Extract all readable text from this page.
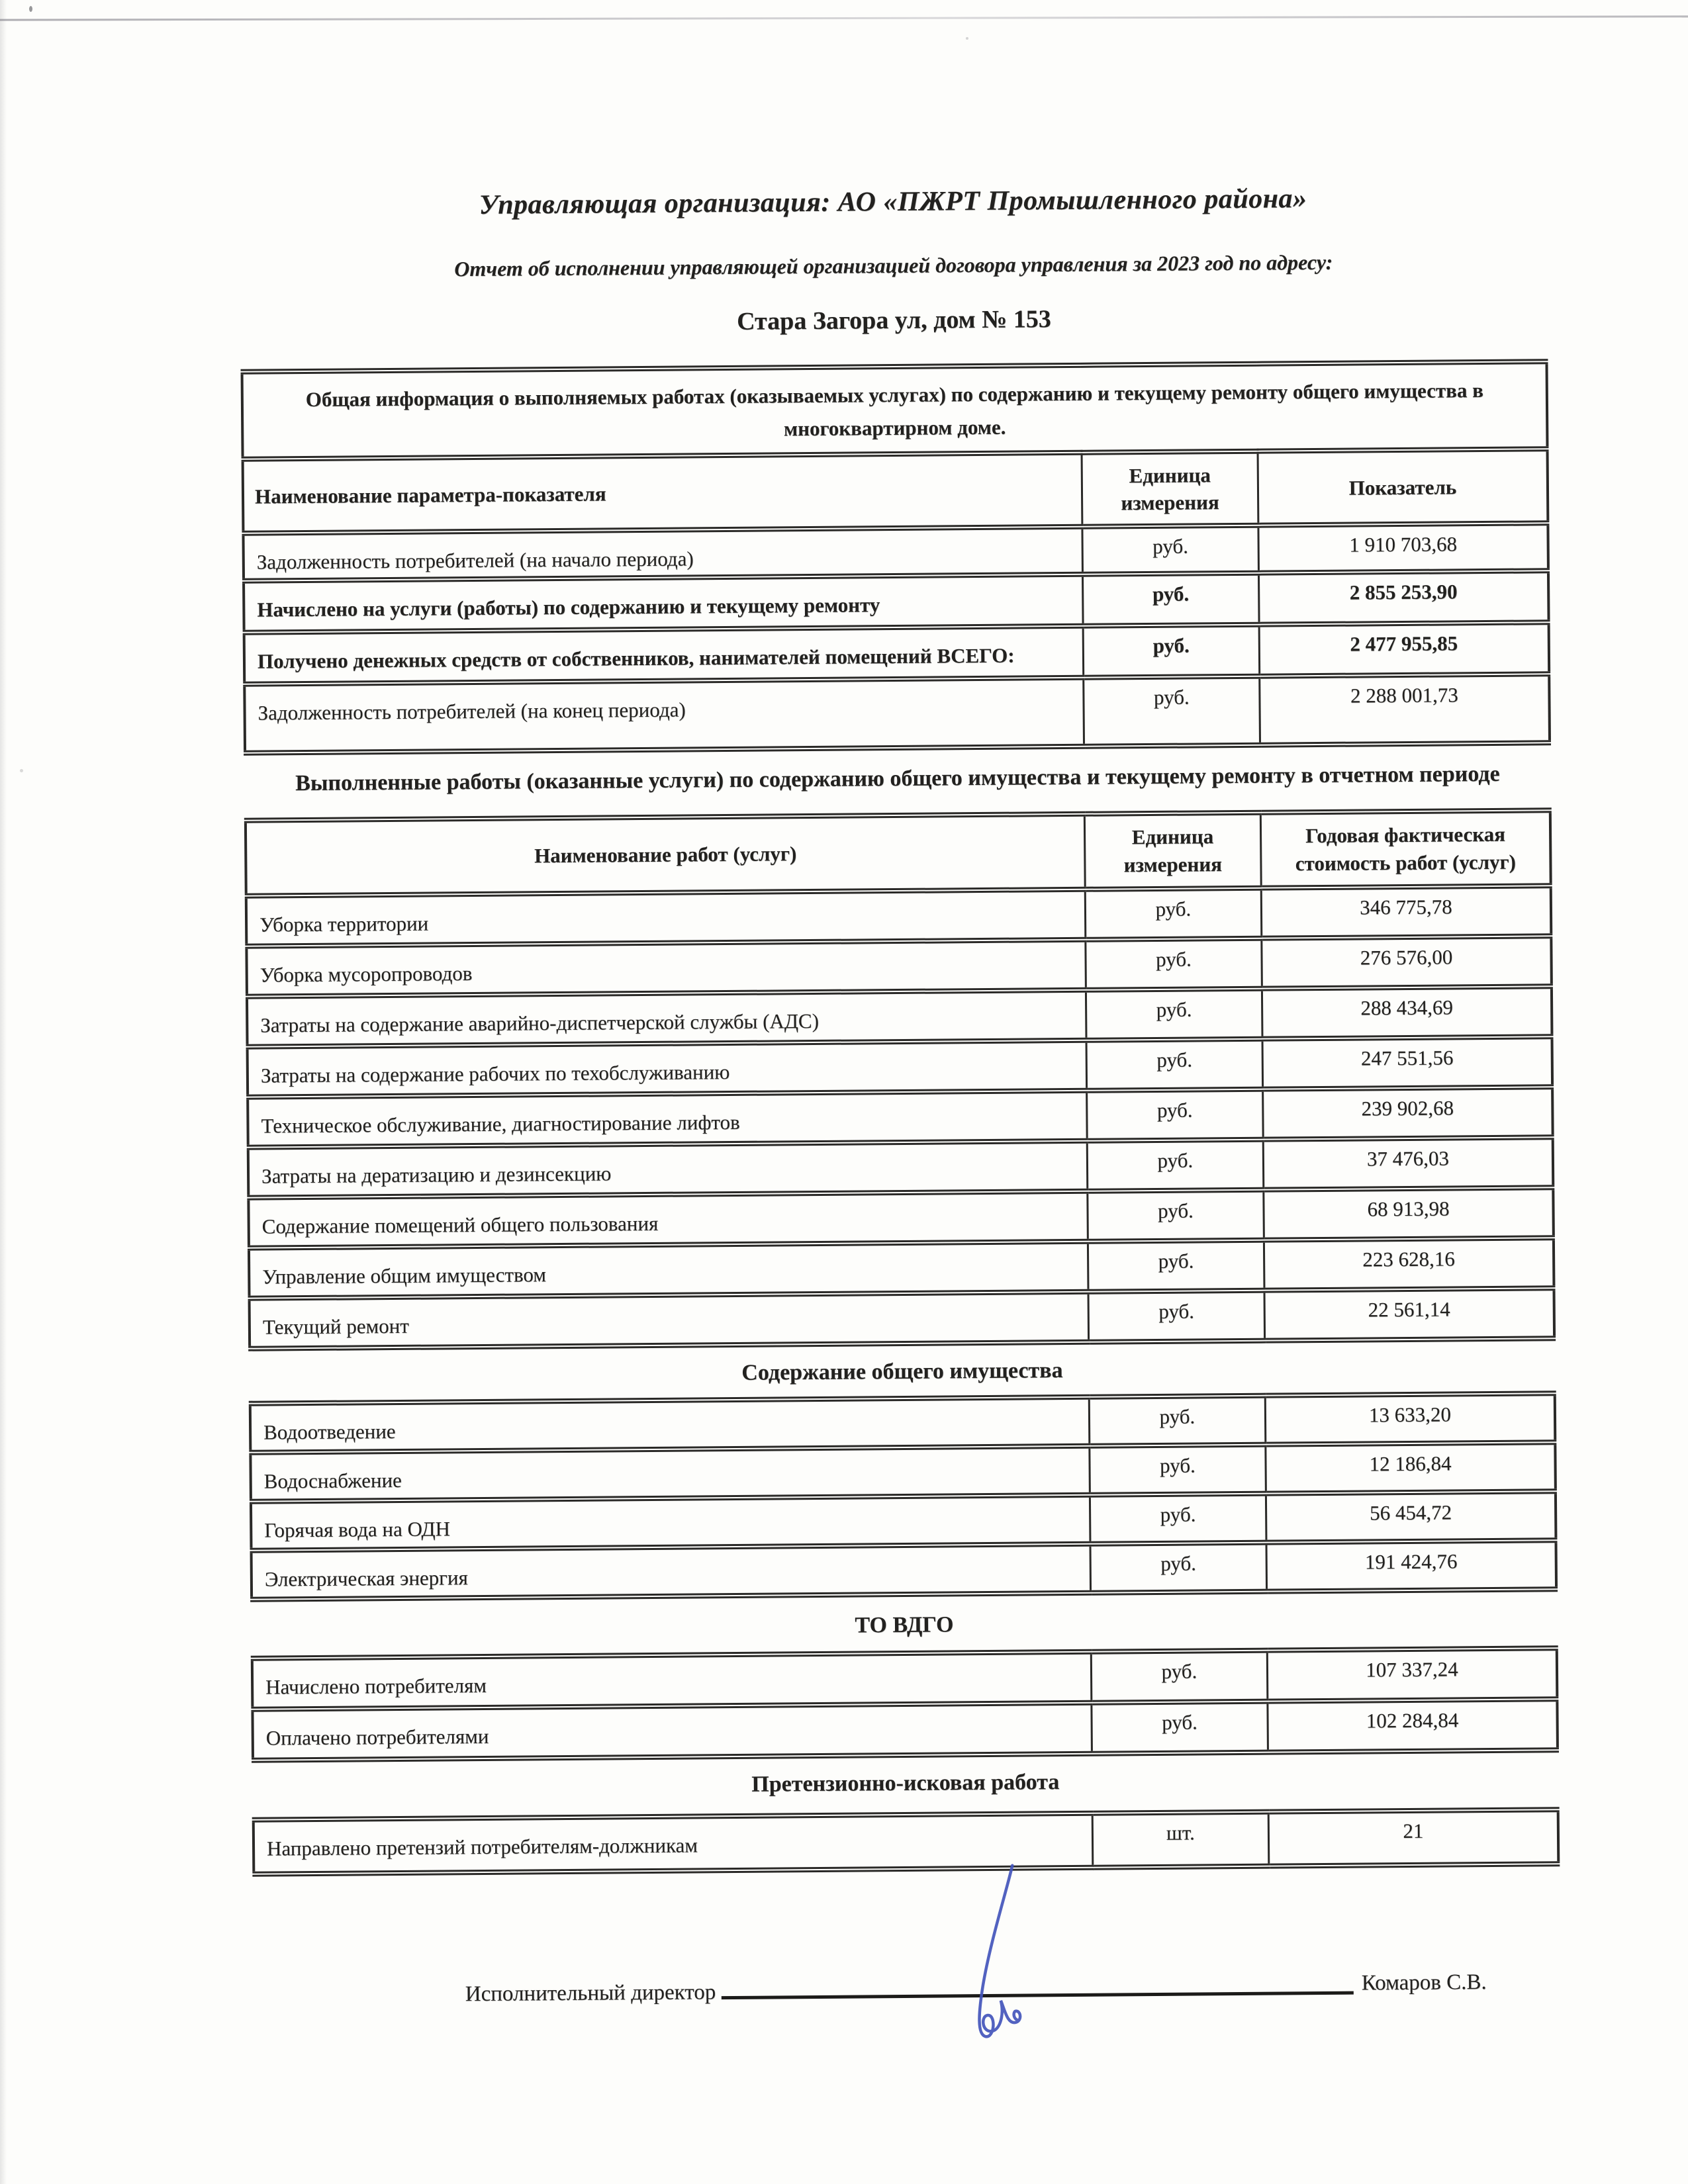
Управляющая организация: АО «ПЖРТ Промышленного района»
Отчет об исполнении управляющей организацией договора управления за 2023 год по адресу:
Стара Загора ул, дом № 153
Общая информация о выполняемых работах (оказываемых услугах) по содержанию и текущему ремонту общего имущества в многоквартирном доме.		
Наименование параметра-показателя	Единица измерения	Показатель
Задолженность потребителей (на начало периода)	руб.	1 910 703,68
Начислено на услуги (работы) по содержанию и текущему ремонту	руб.	2 855 253,90
Получено денежных средств от собственников, нанимателей помещений ВСЕГО:	руб.	2 477 955,85
Задолженность потребителей (на конец периода)	руб.	2 288 001,73
Выполненные работы (оказанные услуги) по содержанию общего имущества и текущему ремонту в отчетном периоде
Наименование работ (услуг)	Единица измерения	Годовая фактическая стоимость работ (услуг)
Уборка территории	руб.	346 775,78
Уборка мусоропроводов	руб.	276 576,00
Затраты на содержание аварийно-диспетчерской службы (АДС)	руб.	288 434,69
Затраты на содержание рабочих по техобслуживанию	руб.	247 551,56
Техническое обслуживание, диагностирование лифтов	руб.	239 902,68
Затраты на дератизацию и дезинсекцию	руб.	37 476,03
Содержание помещений общего пользования	руб.	68 913,98
Управление общим имуществом	руб.	223 628,16
Текущий ремонт	руб.	22 561,14
Содержание общего имущества
Водоотведение	руб.	13 633,20
Водоснабжение	руб.	12 186,84
Горячая вода на ОДН	руб.	56 454,72
Электрическая энергия	руб.	191 424,76
ТО ВДГО
Начислено потребителям	руб.	107 337,24
Оплачено потребителями	руб.	102 284,84
Претензионно-исковая работа
Направлено претензий потребителям-должникам	шт.	21
Исполнительный директор	Комаров С.В.
